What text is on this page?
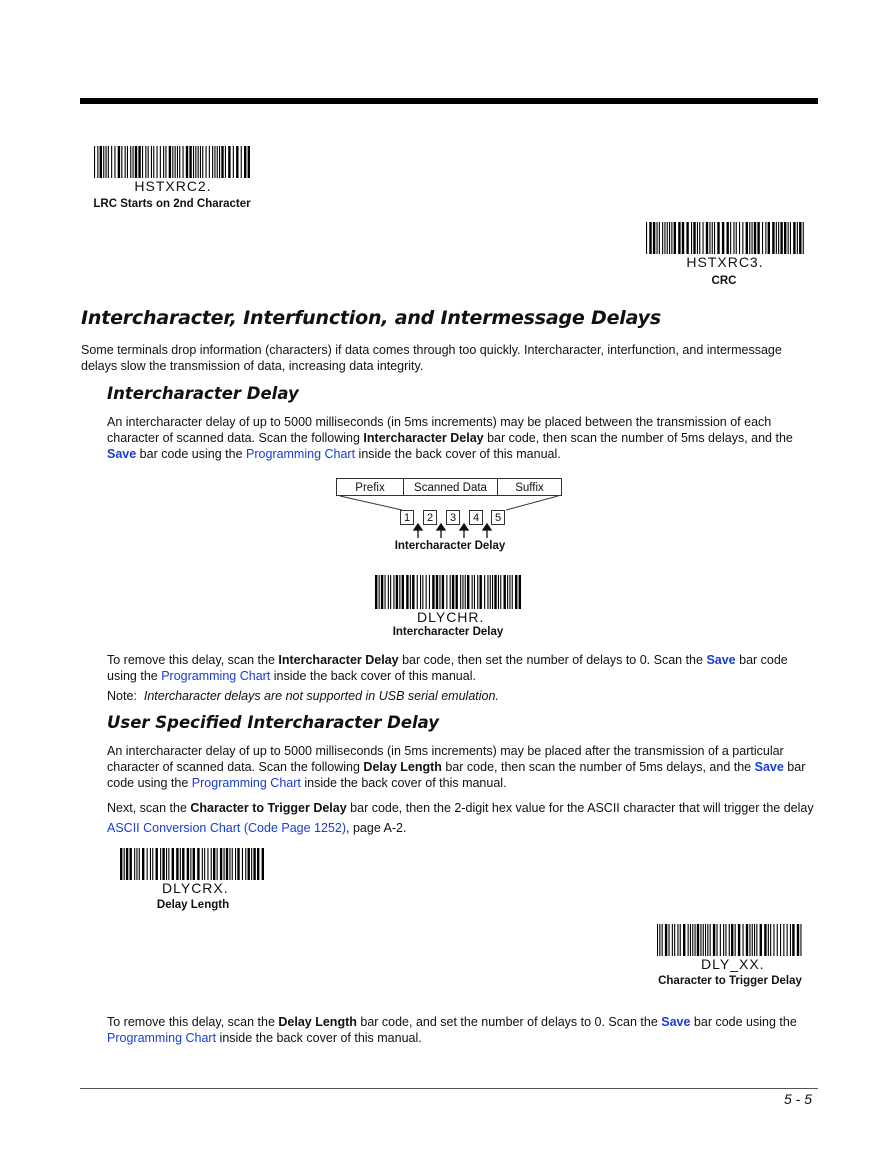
HSTXRC2.
LRC Starts on 2nd Character
HSTXRC3.
CRC
Intercharacter, Interfunction, and Intermessage Delays

Some terminals drop information (characters) if data comes through too quickly. Intercharacter, interfunction, and intermessage delays slow the transmission of data, increasing data integrity.

Intercharacter Delay

An intercharacter delay of up to 5000 milliseconds (in 5ms increments) may be placed between the transmission of each character of scanned data. Scan the following Intercharacter Delay bar code, then scan the number of 5ms delays, and the Save bar code using the Programming Chart inside the back cover of this manual.

Prefix	Scanned Data	Suffix
1	2	3	4	5
Intercharacter Delay
DLYCHR.
Intercharacter Delay

To remove this delay, scan the Intercharacter Delay bar code, then set the number of delays to 0. Scan the Save bar code using the Programming Chart inside the back cover of this manual.

Note: Intercharacter delays are not supported in USB serial emulation.
User Specified Intercharacter Delay

An intercharacter delay of up to 5000 milliseconds (in 5ms increments) may be placed after the transmission of a particular character of scanned data. Scan the following Delay Length bar code, then scan the number of 5ms delays, and the Save bar code using the Programming Chart inside the back cover of this manual.

Next, scan the Character to Trigger Delay bar code, then the 2-digit hex value for the ASCII character that will trigger the delay ASCII Conversion Chart (Code Page 1252), page A-2.

DLYCRX.
Delay Length
DLY_XX.
Character to Trigger Delay

To remove this delay, scan the Delay Length bar code, and set the number of delays to 0. Scan the Save bar code using the Programming Chart inside the back cover of this manual.

5 - 5
